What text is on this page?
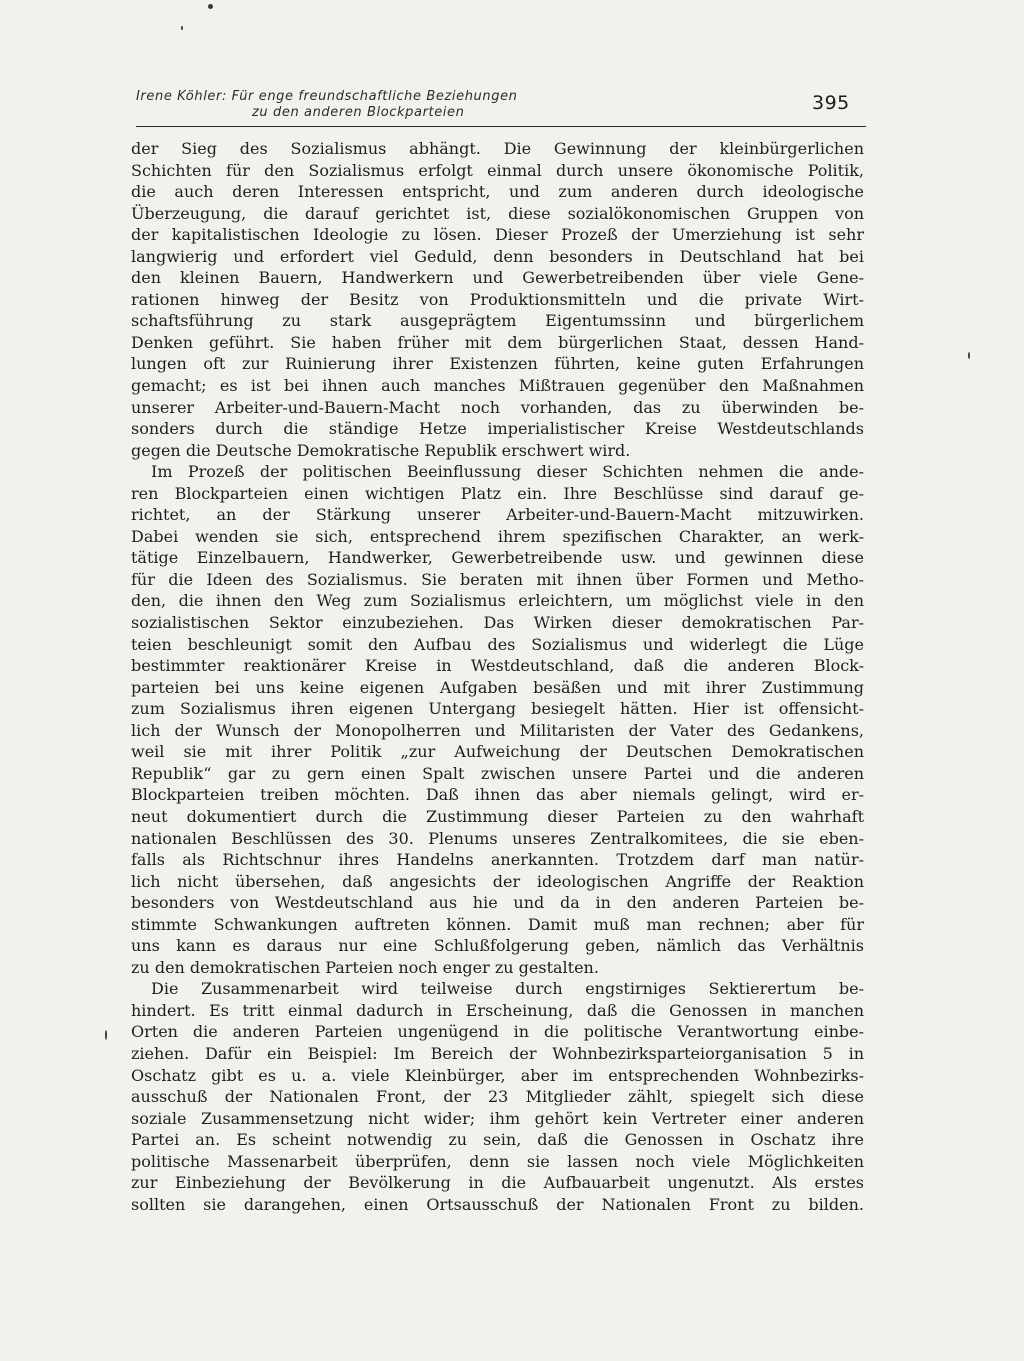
Irene Köhler: Für enge freundschaftliche Beziehungen
zu den anderen Blockparteien	395
der Sieg des Sozialismus abhängt. Die Gewinnung der kleinbürgerlichen
Schichten für den Sozialismus erfolgt einmal durch unsere ökonomische Politik,
die auch deren Interessen entspricht, und zum anderen durch ideologische
Überzeugung, die darauf gerichtet ist, diese sozialökonomischen Gruppen von
der kapitalistischen Ideologie zu lösen. Dieser Prozeß der Umerziehung ist sehr
langwierig und erfordert viel Geduld, denn besonders in Deutschland hat bei
den kleinen Bauern, Handwerkern und Gewerbetreibenden über viele Gene-
rationen hinweg der Besitz von Produktionsmitteln und die private Wirt-
schaftsführung zu stark ausgeprägtem Eigentumssinn und bürgerlichem
Denken geführt. Sie haben früher mit dem bürgerlichen Staat, dessen Hand-
lungen oft zur Ruinierung ihrer Existenzen führten, keine guten Erfahrungen
gemacht; es ist bei ihnen auch manches Mißtrauen gegenüber den Maßnahmen
unserer Arbeiter-und-Bauern-Macht noch vorhanden, das zu überwinden be-
sonders durch die ständige Hetze imperialistischer Kreise Westdeutschlands
gegen die Deutsche Demokratische Republik erschwert wird.
Im Prozeß der politischen Beeinflussung dieser Schichten nehmen die ande-
ren Blockparteien einen wichtigen Platz ein. Ihre Beschlüsse sind darauf ge-
richtet, an der Stärkung unserer Arbeiter-und-Bauern-Macht mitzuwirken.
Dabei wenden sie sich, entsprechend ihrem spezifischen Charakter, an werk-
tätige Einzelbauern, Handwerker, Gewerbetreibende usw. und gewinnen diese
für die Ideen des Sozialismus. Sie beraten mit ihnen über Formen und Metho-
den, die ihnen den Weg zum Sozialismus erleichtern, um möglichst viele in den
sozialistischen Sektor einzubeziehen. Das Wirken dieser demokratischen Par-
teien beschleunigt somit den Aufbau des Sozialismus und widerlegt die Lüge
bestimmter reaktionärer Kreise in Westdeutschland, daß die anderen Block-
parteien bei uns keine eigenen Aufgaben besäßen und mit ihrer Zustimmung
zum Sozialismus ihren eigenen Untergang besiegelt hätten. Hier ist offensicht-
lich der Wunsch der Monopolherren und Militaristen der Vater des Gedankens,
weil sie mit ihrer Politik „zur Aufweichung der Deutschen Demokratischen
Republik“ gar zu gern einen Spalt zwischen unsere Partei und die anderen
Blockparteien treiben möchten. Daß ihnen das aber niemals gelingt, wird er-
neut dokumentiert durch die Zustimmung dieser Parteien zu den wahrhaft
nationalen Beschlüssen des 30. Plenums unseres Zentralkomitees, die sie eben-
falls als Richtschnur ihres Handelns anerkannten. Trotzdem darf man natür-
lich nicht übersehen, daß angesichts der ideologischen Angriffe der Reaktion
besonders von Westdeutschland aus hie und da in den anderen Parteien be-
stimmte Schwankungen auftreten können. Damit muß man rechnen; aber für
uns kann es daraus nur eine Schlußfolgerung geben, nämlich das Verhältnis
zu den demokratischen Parteien noch enger zu gestalten.
Die Zusammenarbeit wird teilweise durch engstirniges Sektierertum be-
hindert. Es tritt einmal dadurch in Erscheinung, daß die Genossen in manchen
Orten die anderen Parteien ungenügend in die politische Verantwortung einbe-
ziehen. Dafür ein Beispiel: Im Bereich der Wohnbezirksparteiorganisation 5 in
Oschatz gibt es u. a. viele Kleinbürger, aber im entsprechenden Wohnbezirks-
ausschuß der Nationalen Front, der 23 Mitglieder zählt, spiegelt sich diese
soziale Zusammensetzung nicht wider; ihm gehört kein Vertreter einer anderen
Partei an. Es scheint notwendig zu sein, daß die Genossen in Oschatz ihre
politische Massenarbeit überprüfen, denn sie lassen noch viele Möglichkeiten
zur Einbeziehung der Bevölkerung in die Aufbauarbeit ungenutzt. Als erstes
sollten sie darangehen, einen Ortsausschuß der Nationalen Front zu bilden.
